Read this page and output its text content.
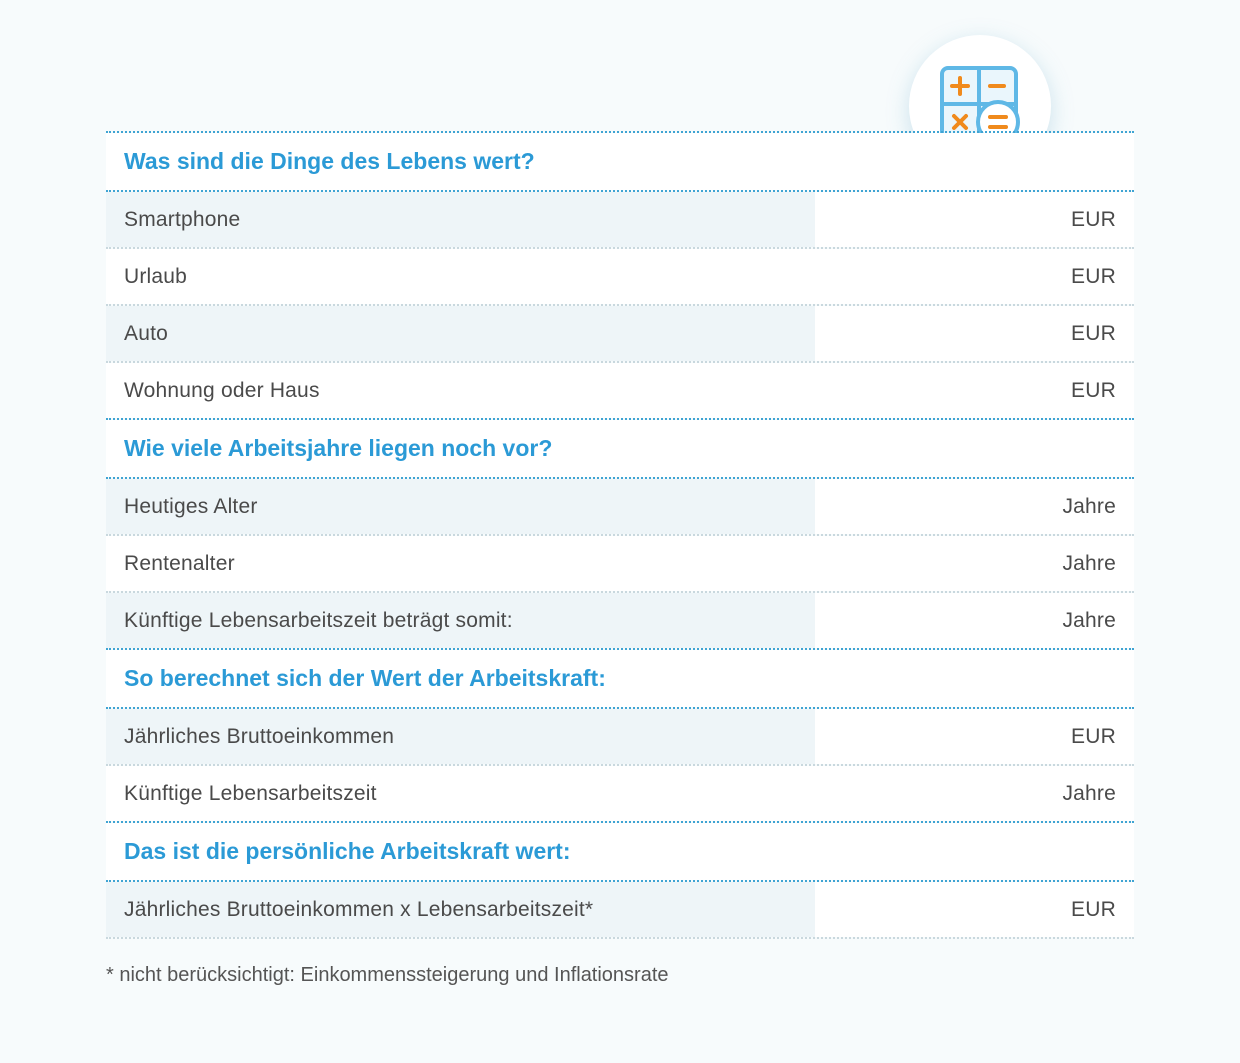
Was sind die Dinge des Lebens wert?
Smartphone	EUR
Urlaub	EUR
Auto	EUR
Wohnung oder Haus	EUR
Wie viele Arbeitsjahre liegen noch vor?
Heutiges Alter	Jahre
Rentenalter	Jahre
Künftige Lebensarbeitszeit beträgt somit:	Jahre
So berechnet sich der Wert der Arbeitskraft:
Jährliches Bruttoeinkommen	EUR
Künftige Lebensarbeitszeit	Jahre
Das ist die persönliche Arbeitskraft wert:
Jährliches Bruttoeinkommen x Lebensarbeitszeit*	EUR
* nicht berücksichtigt: Einkommenssteigerung und Inflationsrate
